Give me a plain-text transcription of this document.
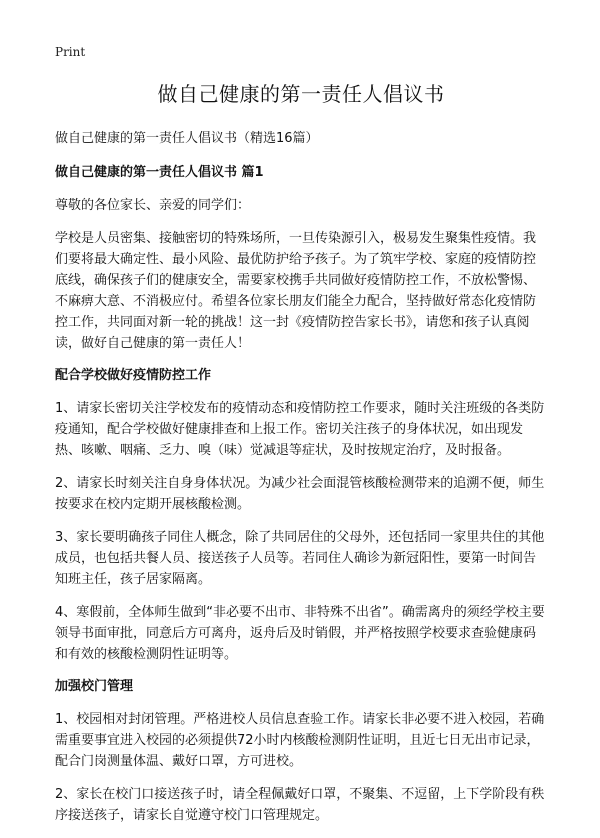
Print
做自己健康的第一责任人倡议书

做自己健康的第一责任人倡议书（精选16篇）

做自己健康的第一责任人倡议书 篇1

尊敬的各位家长、亲爱的同学们：

学校是人员密集、接触密切的特殊场所，一旦传染源引入，极易发生聚集性疫情。我们要将最大确定性、最小风险、最优防护给予孩子。为了筑牢学校、家庭的疫情防控底线，确保孩子们的健康安全，需要家校携手共同做好疫情防控工作，不放松警惕、不麻痹大意、不消极应付。希望各位家长朋友们能全力配合，坚持做好常态化疫情防控工作，共同面对新一轮的挑战！这一封《疫情防控告家长书》，请您和孩子认真阅读，做好自己健康的第一责任人！

配合学校做好疫情防控工作

1、请家长密切关注学校发布的疫情动态和疫情防控工作要求，随时关注班级的各类防疫通知，配合学校做好健康排查和上报工作。密切关注孩子的身体状况，如出现发热、咳嗽、咽痛、乏力、嗅（味）觉减退等症状，及时按规定治疗，及时报备。

2、请家长时刻关注自身身体状况。为减少社会面混管核酸检测带来的追溯不便，师生按要求在校内定期开展核酸检测。

3、家长要明确孩子同住人概念，除了共同居住的父母外，还包括同一家里共住的其他成员，也包括共餐人员、接送孩子人员等。若同住人确诊为新冠阳性，要第一时间告知班主任，孩子居家隔离。

4、寒假前，全体师生做到“非必要不出市、非特殊不出省”。确需离舟的须经学校主要领导书面审批，同意后方可离舟，返舟后及时销假，并严格按照学校要求查验健康码和有效的核酸检测阴性证明等。

加强校门管理

1、校园相对封闭管理。严格进校人员信息查验工作。请家长非必要不进入校园，若确需重要事宜进入校园的必须提供72小时内核酸检测阴性证明，且近七日无出市记录，配合门岗测量体温、戴好口罩，方可进校。

2、家长在校门口接送孩子时，请全程佩戴好口罩，不聚集、不逗留，上下学阶段有秩序接送孩子，请家长自觉遵守校门口管理规定。
